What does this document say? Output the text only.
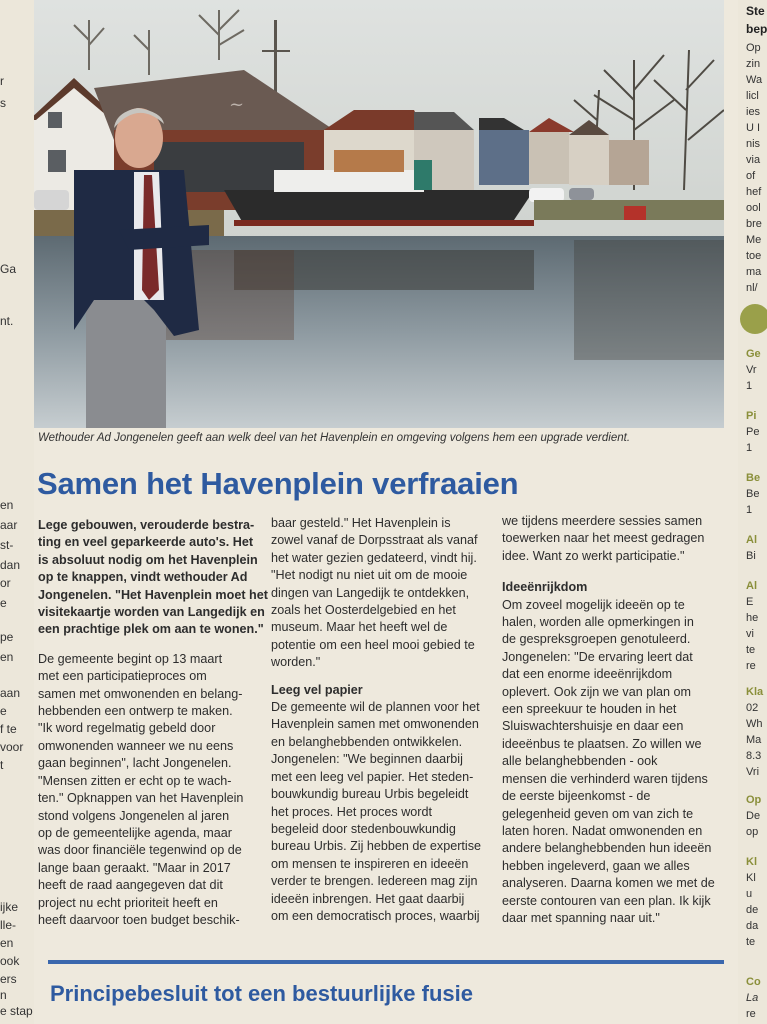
r
s
Ga
nt.
en
aar
st-
dan
or
e
pe
en
aan
e
f te
voor
t
ijke
lle-
en
ook
ers
n
e stap
~
Ste
bep
Op
zin
Wa
licl
ies
U I
nis
via
of
hef
ool
bre
Me
toe
ma
nl/
Ge
Vr
1
Pi
Pe
1
Be
Be
1
Al
Bi
Al
E
he
vi
te
re
Kla
02
Wh
Ma
8.3
Vri
Op
De
op
Kl
Kl
u
de
da
te
Co
La
re
Wethouder Ad Jongenelen geeft aan welk deel van het Havenplein en omgeving volgens hem een upgrade verdient.
Samen het Havenplein verfraaien

Lege gebouwen, verouderde bestra-

ting en veel geparkeerde auto's. Het

is absoluut nodig om het Havenplein

op te knappen, vindt wethouder Ad

Jongenelen. "Het Havenplein moet het

visitekaartje worden van Langedijk en

een prachtige plek om aan te wonen."

De gemeente begint op 13 maart

met een participatieproces om

samen met omwonenden en belang-

hebbenden een ontwerp te maken.

"Ik word regelmatig gebeld door

omwonenden wanneer we nu eens

gaan beginnen", lacht Jongenelen.

"Mensen zitten er echt op te wach-

ten." Opknappen van het Havenplein

stond volgens Jongenelen al jaren

op de gemeentelijke agenda, maar

was door financiële tegenwind op de

lange baan geraakt. "Maar in 2017

heeft de raad aangegeven dat dit

project nu echt prioriteit heeft en

heeft daarvoor toen budget beschik-

baar gesteld." Het Havenplein is

zowel vanaf de Dorpsstraat als vanaf

het water gezien gedateerd, vindt hij.

"Het nodigt nu niet uit om de mooie

dingen van Langedijk te ontdekken,

zoals het Oosterdelgebied en het

museum. Maar het heeft wel de

potentie om een heel mooi gebied te

worden."

Leeg vel papier

De gemeente wil de plannen voor het

Havenplein samen met omwonenden

en belanghebbenden ontwikkelen.

Jongenelen: "We beginnen daarbij

met een leeg vel papier. Het steden-

bouwkundig bureau Urbis begeleidt

het proces. Het proces wordt

begeleid door stedenbouwkundig

bureau Urbis. Zij hebben de expertise

om mensen te inspireren en ideeën

verder te brengen. Iedereen mag zijn

ideeën inbrengen. Het gaat daarbij

om een democratisch proces, waarbij

we tijdens meerdere sessies samen

toewerken naar het meest gedragen

idee. Want zo werkt participatie."

Ideeënrijkdom

Om zoveel mogelijk ideeën op te

halen, worden alle opmerkingen in

de gespreksgroepen genotuleerd.

Jongenelen: "De ervaring leert dat

dat een enorme ideeënrijkdom

oplevert. Ook zijn we van plan om

een spreekuur te houden in het

Sluiswachtershuisje en daar een

ideeënbus te plaatsen. Zo willen we

alle belanghebbenden - ook

mensen die verhinderd waren tijdens

de eerste bijeenkomst - de

gelegenheid geven om van zich te

laten horen. Nadat omwonenden en

andere belanghebbenden hun ideeën

hebben ingeleverd, gaan we alles

analyseren. Daarna komen we met de

eerste contouren van een plan. Ik kijk

daar met spanning naar uit."

Principebesluit tot een bestuurlijke fusie
